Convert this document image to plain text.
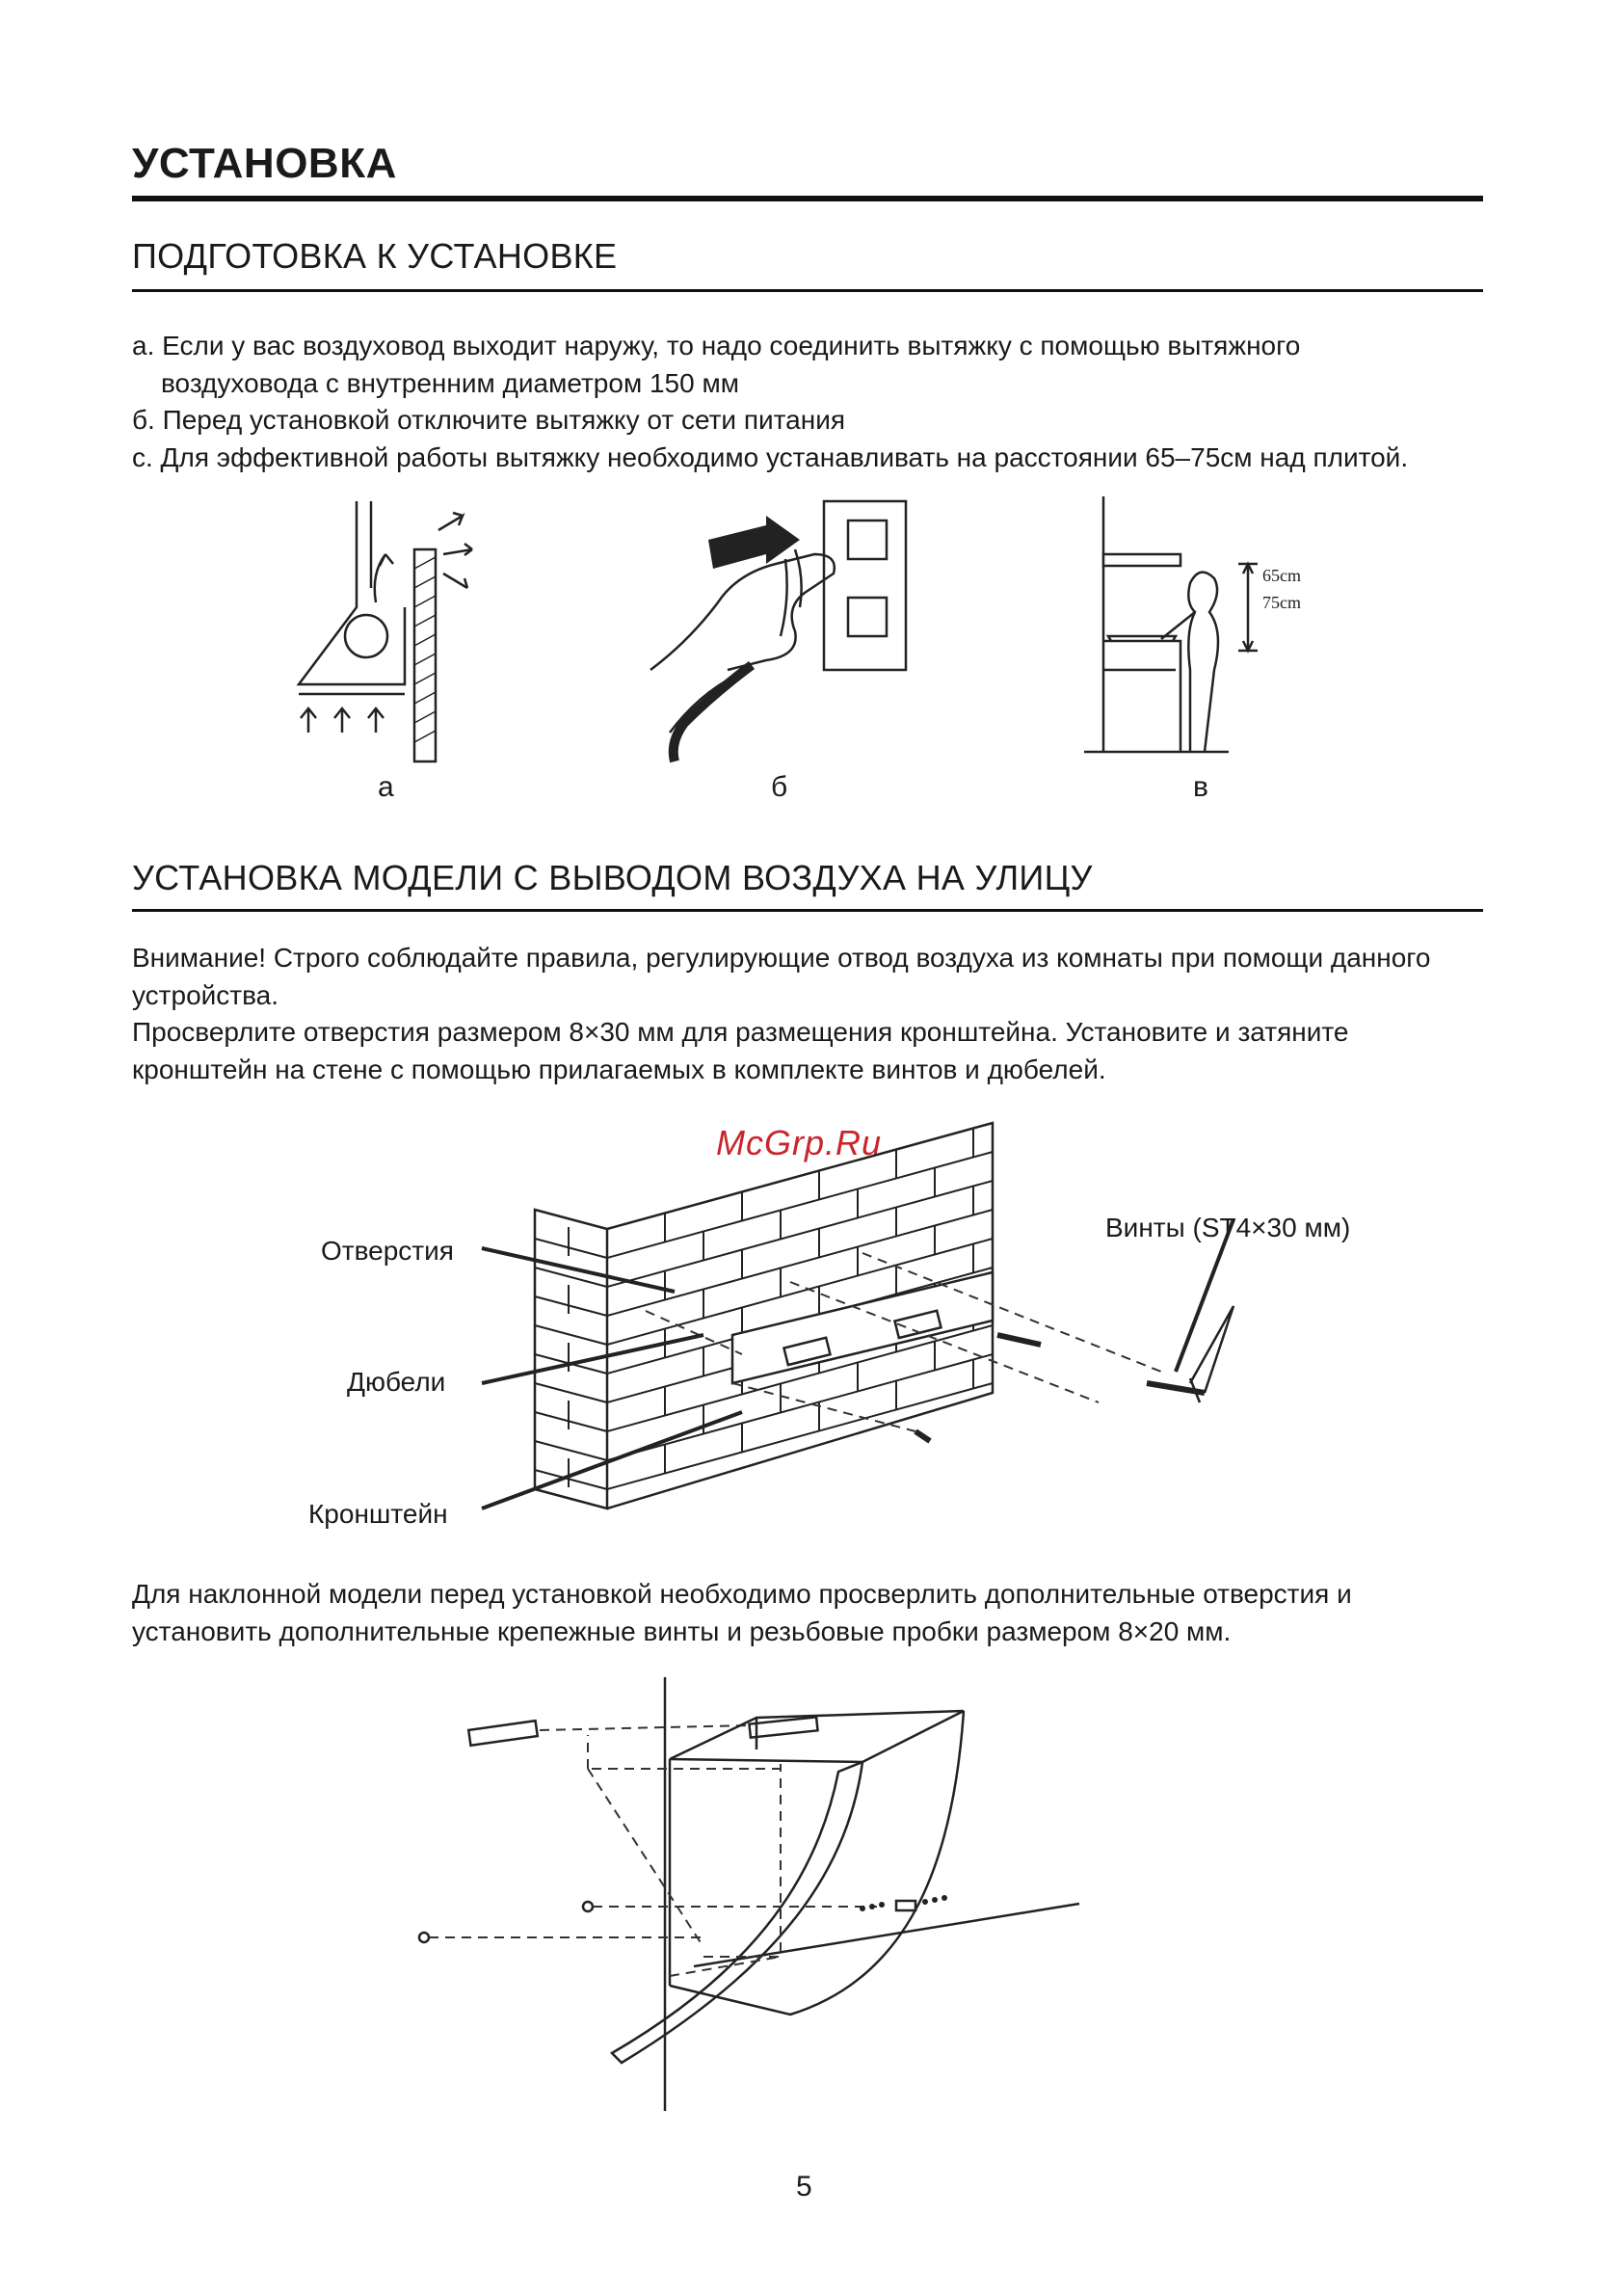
УСТАНОВКА
ПОДГОТОВКА К УСТАНОВКЕ

а. Если у вас воздуховод выходит наружу, то надо соединить вытяжку с помощью вытяжного

воздуховода с внутренним диаметром 150 мм

б. Перед установкой отключите вытяжку от сети питания

с. Для эффективной работы вытяжку необходимо устанавливать на расстоянии 65–75см над плитой.

а	б
65cm
75cm
в
УСТАНОВКА МОДЕЛИ С ВЫВОДОМ ВОЗДУХА НА УЛИЦУ
Внимание! Строго соблюдайте правила, регулирующие отвод воздуха из комнаты при помощи данного устройства.
Просверлите отверстия размером 8×30 мм для размещения кронштейна. Установите и затяните кронштейн на стене с помощью прилагаемых в комплекте винтов и дюбелей.
McGrp.Ru
Отверстия
Дюбели
Кронштейн
Винты (ST4×30 мм)
Для наклонной модели перед установкой необходимо просверлить дополнительные отверстия и установить дополнительные крепежные винты и резьбовые пробки размером 8×20 мм.
5
